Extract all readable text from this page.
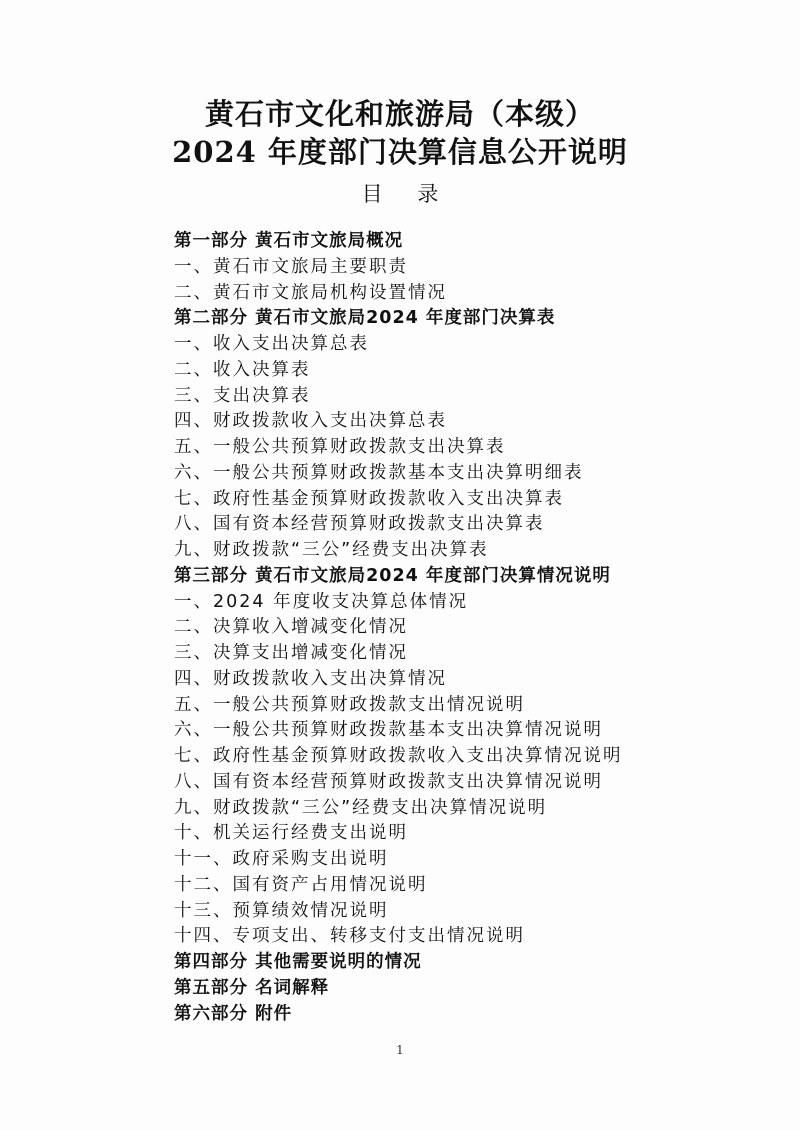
黄石市文化和旅游局（本级）
2024 年度部门决算信息公开说明
目 录
第一部分 黄石市文旅局概况
一、黄石市文旅局主要职责
二、黄石市文旅局机构设置情况
第二部分 黄石市文旅局2024 年度部门决算表
一、收入支出决算总表
二、收入决算表
三、支出决算表
四、财政拨款收入支出决算总表
五、一般公共预算财政拨款支出决算表
六、一般公共预算财政拨款基本支出决算明细表
七、政府性基金预算财政拨款收入支出决算表
八、国有资本经营预算财政拨款支出决算表
九、财政拨款“三公”经费支出决算表
第三部分 黄石市文旅局2024 年度部门决算情况说明
一、2024 年度收支决算总体情况
二、决算收入增减变化情况
三、决算支出增减变化情况
四、财政拨款收入支出决算情况
五、一般公共预算财政拨款支出情况说明
六、一般公共预算财政拨款基本支出决算情况说明
七、政府性基金预算财政拨款收入支出决算情况说明
八、国有资本经营预算财政拨款支出决算情况说明
九、财政拨款“三公”经费支出决算情况说明
十、机关运行经费支出说明
十一、政府采购支出说明
十二、国有资产占用情况说明
十三、预算绩效情况说明
十四、专项支出、转移支付支出情况说明
第四部分 其他需要说明的情况
第五部分 名词解释
第六部分 附件
1
